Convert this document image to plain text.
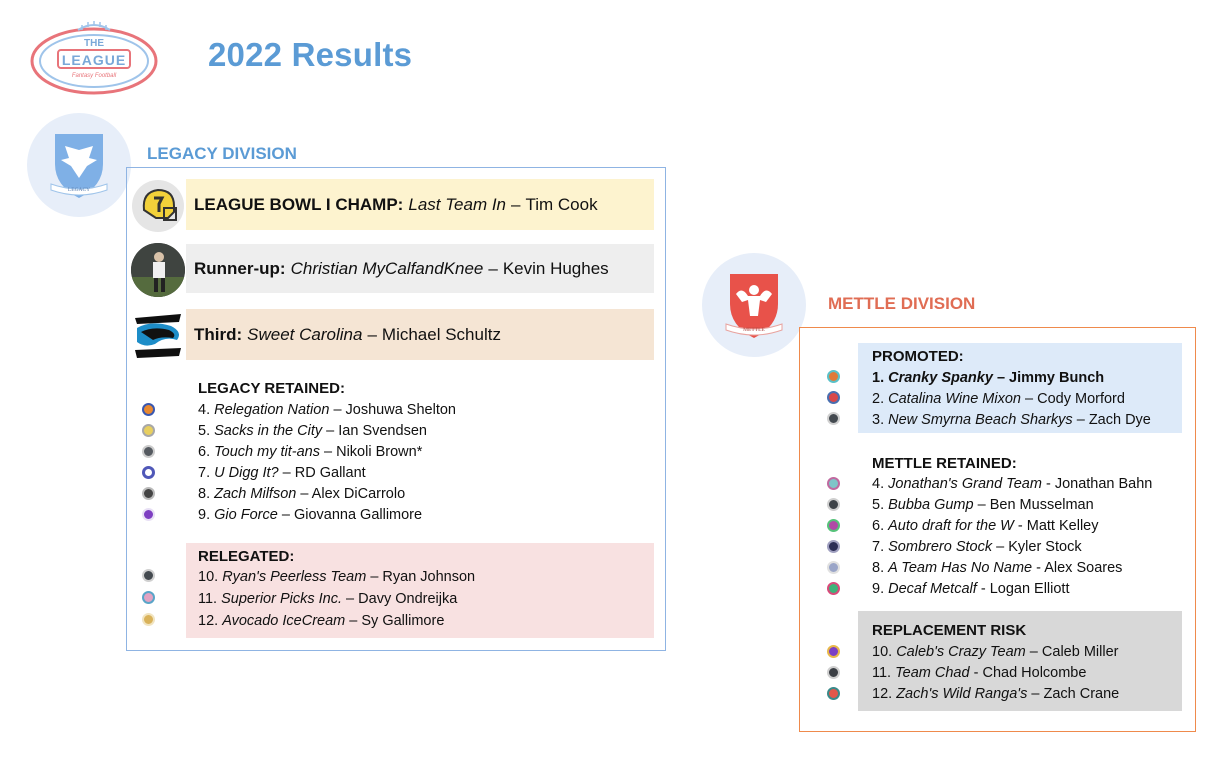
THE
LEAGUE
Fantasy Football
2022 Results
LEGACY
LEGACY DIVISION
LEAGUE BOWL I CHAMP: Last Team In – Tim Cook
Runner-up: Christian MyCalfandKnee – Kevin Hughes
Third: Sweet Carolina – Michael Schultz
LEGACY RETAINED:
4. Relegation Nation – Joshuwa Shelton
5. Sacks in the City – Ian Svendsen
6. Touch my tit-ans – Nikoli Brown*
7. U Digg It? – RD Gallant
8. Zach Milfson – Alex DiCarrolo
9. Gio Force – Giovanna Gallimore
RELEGATED:
10. Ryan's Peerless Team – Ryan Johnson
11. Superior Picks Inc. – Davy Ondreijka
12. Avocado IceCream – Sy Gallimore
METTLE
METTLE DIVISION
PROMOTED:
1. Cranky Spanky – Jimmy Bunch
2. Catalina Wine Mixon – Cody Morford
3. New Smyrna Beach Sharkys – Zach Dye
METTLE RETAINED:
4. Jonathan's Grand Team - Jonathan Bahn
5. Bubba Gump – Ben Musselman
6. Auto draft for the W - Matt Kelley
7. Sombrero Stock – Kyler Stock
8. A Team Has No Name - Alex Soares
9. Decaf Metcalf - Logan Elliott
REPLACEMENT RISK
10. Caleb's Crazy Team – Caleb Miller
11. Team Chad - Chad Holcombe
12. Zach's Wild Ranga's – Zach Crane
